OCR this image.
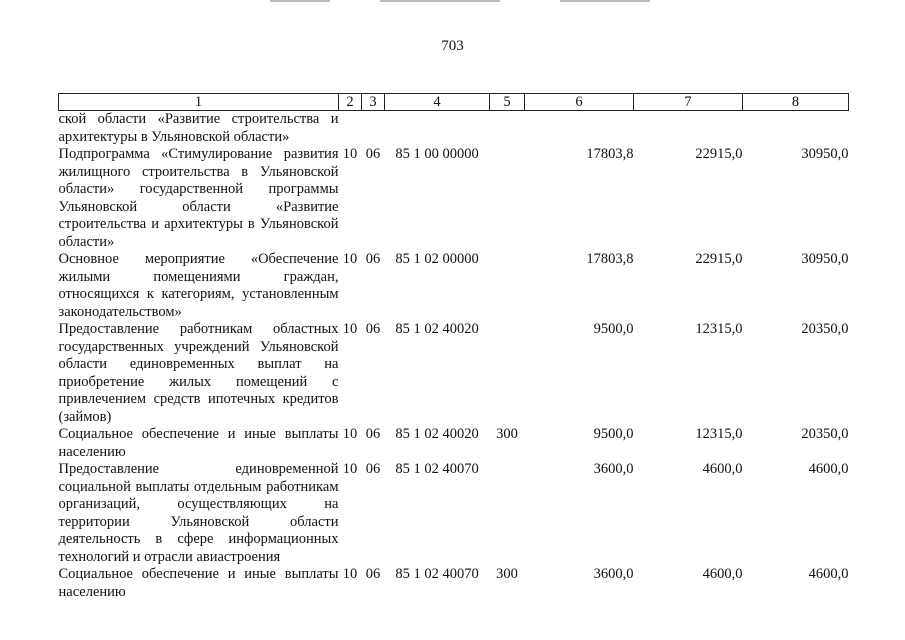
703
1	2	3	4	5	6	7	8
ской области «Развитие строительства и архитектуры в Ульяновской области»							
Подпрограмма «Стимулирование развития жилищного строительства в Ульяновской области» государственной программы Ульяновской области «Развитие строительства и архитектуры в Ульяновской области»	10	06	85 1 00 00000		17803,8	22915,0	30950,0
Основное мероприятие «Обеспечение жилыми помещениями граждан, относящихся к категориям, установленным законодательством»	10	06	85 1 02 00000		17803,8	22915,0	30950,0
Предоставление работникам областных государственных учреждений Ульяновской области единовременных выплат на приобретение жилых помещений с привлечением средств ипотечных кредитов (займов)	10	06	85 1 02 40020		9500,0	12315,0	20350,0
Социальное обеспечение и иные выплаты населению	10	06	85 1 02 40020	300	9500,0	12315,0	20350,0
Предоставление единовременной социальной выплаты отдельным работникам организаций, осуществляющих на территории Ульяновской области деятельность в сфере информационных технологий и отрасли авиастроения	10	06	85 1 02 40070		3600,0	4600,0	4600,0
Социальное обеспечение и иные выплаты населению	10	06	85 1 02 40070	300	3600,0	4600,0	4600,0
